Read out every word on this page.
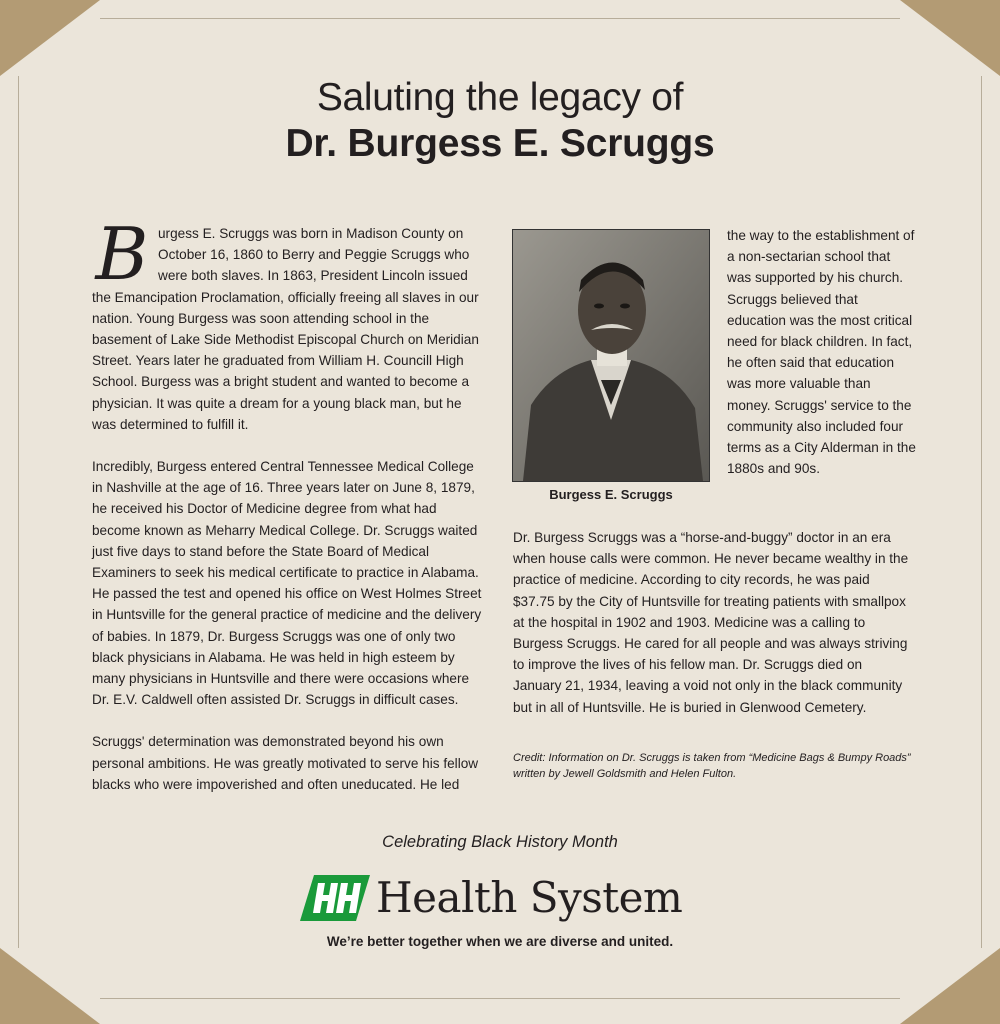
Saluting the legacy of
Dr. Burgess E. Scruggs

Burgess E. Scruggs was born in Madison County on October 16, 1860 to Berry and Peggie Scruggs who were both slaves. In 1863, President Lincoln issued the Emancipation Proclamation, officially freeing all slaves in our nation. Young Burgess was soon attending school in the basement of Lake Side Methodist Episcopal Church on Meridian Street. Years later he graduated from William H. Councill High School. Burgess was a bright student and wanted to become a physician. It was quite a dream for a young black man, but he was determined to fulfill it.

Incredibly, Burgess entered Central Tennessee Medical College in Nashville at the age of 16. Three years later on June 8, 1879, he received his Doctor of Medicine degree from what had become known as Meharry Medical College. Dr. Scruggs waited just five days to stand before the State Board of Medical Examiners to seek his medical certificate to practice in Alabama. He passed the test and opened his office on West Holmes Street in Huntsville for the general practice of medicine and the delivery of babies. In 1879, Dr. Burgess Scruggs was one of only two black physicians in Alabama. He was held in high esteem by many physicians in Huntsville and there were occasions where Dr. E.V. Caldwell often assisted Dr. Scruggs in difficult cases.

Scruggs' determination was demonstrated beyond his own personal ambitions. He was greatly motivated to serve his fellow blacks who were impoverished and often uneducated. He led

Burgess E. Scruggs
the way to the establishment of a non-sectarian school that was supported by his church. Scruggs believed that education was the most critical need for black children. In fact, he often said that education was more valuable than money. Scruggs' service to the community also included four terms as a City Alderman in the 1880s and 90s.

Dr. Burgess Scruggs was a “horse-and-buggy” doctor in an era when house calls were common. He never became wealthy in the practice of medicine. According to city records, he was paid $37.75 by the City of Huntsville for treating patients with smallpox at the hospital in 1902 and 1903. Medicine was a calling to Burgess Scruggs. He cared for all people and was always striving to improve the lives of his fellow man. Dr. Scruggs died on January 21, 1934, leaving a void not only in the black community but in all of Huntsville. He is buried in Glenwood Cemetery.

Credit: Information on Dr. Scruggs is taken from “Medicine Bags & Bumpy Roads” written by Jewell Goldsmith and Helen Fulton.
Celebrating Black History Month
Health System
We’re better together when we are diverse and united.
